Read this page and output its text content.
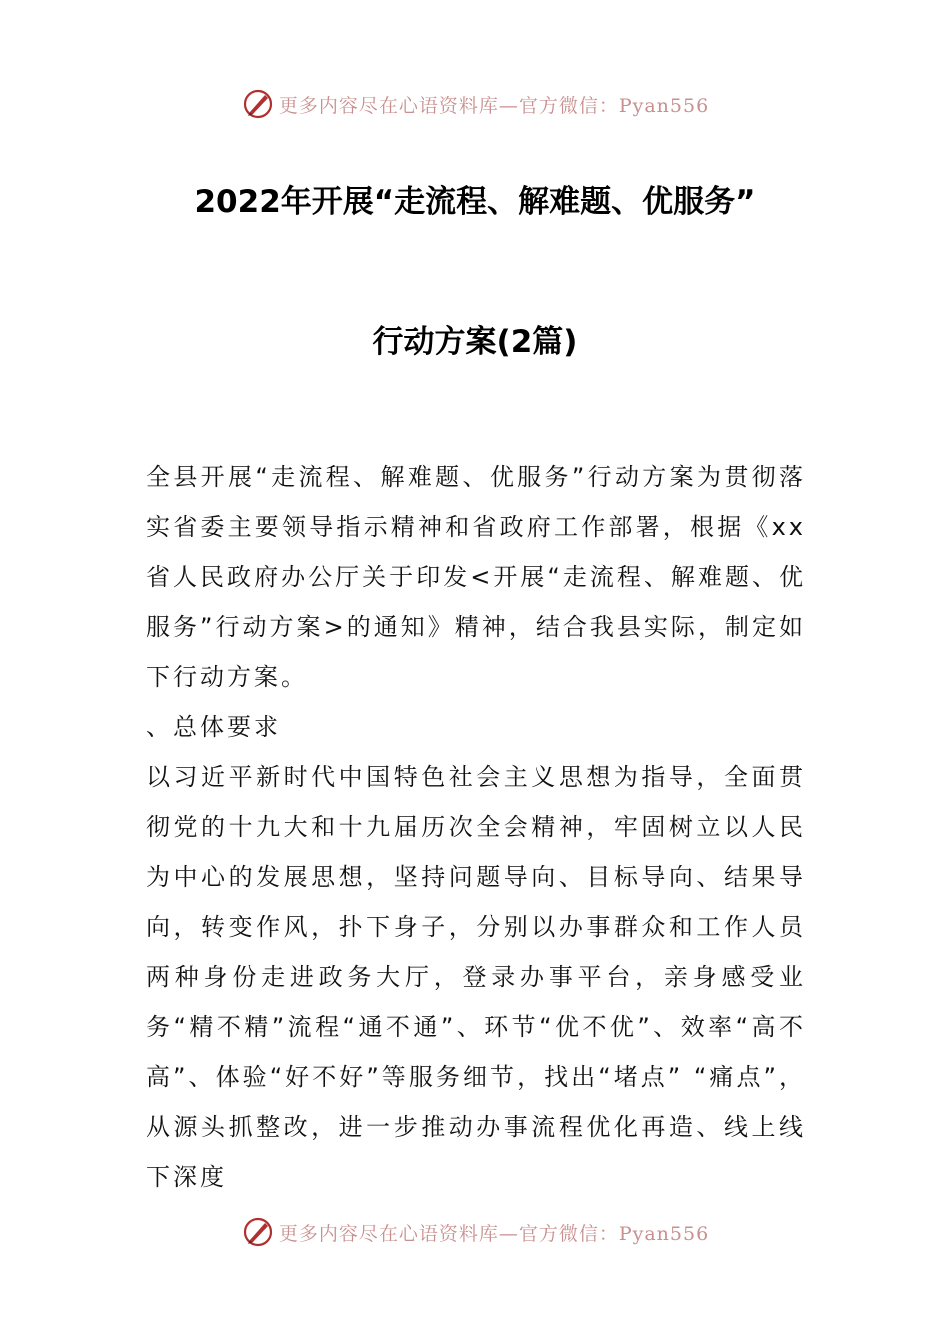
更多内容尽在心语资料库—官方微信：Pyan556
2022年开展“走流程、解难题、优服务”
行动方案(2篇)

全县开展“走流程、解难题、优服务”行动方案为贯彻落实省委主要领导指示精神和省政府工作部署，根据《xx省人民政府办公厅关于印发<开展“走流程、解难题、优服务”行动方案>的通知》精神，结合我县实际，制定如下行动方案。

、总体要求

以习近平新时代中国特色社会主义思想为指导，全面贯彻党的十九大和十九届历次全会精神，牢固树立以人民为中心的发展思想，坚持问题导向、目标导向、结果导向，转变作风，扑下身子，分别以办事群众和工作人员两种身份走进政务大厅，登录办事平台，亲身感受业务“精不精”流程“通不通”、环节“优不优”、效率“高不高”、体验“好不好”等服务细节，找出“堵点” “痛点”，从源头抓整改，进一步推动办事流程优化再造、线上线下深度

更多内容尽在心语资料库—官方微信：Pyan556
